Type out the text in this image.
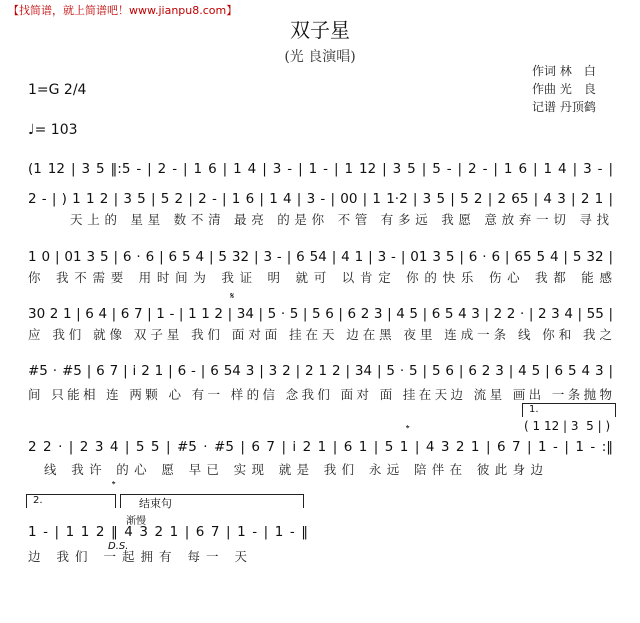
【找简谱，就上简谱吧！www.jianpu8.com】
双子星
(光 良演唱)
作词 林　白
作曲 光　良
记谱 丹顶鹤
1=G 2/4
♩= 103
(1 12 | 3 5 ‖:5 - | 2 - | 1 6 | 1 4 | 3 - | 1 - | 1 12 | 3 5 | 5 - | 2 - | 1 6 | 1 4 | 3 - |
2 - | ) 1 1 2 | 3 5 | 5 2 | 2 - | 1 6 | 1 4 | 3 - | 00 | 1 1·2 | 3 5 | 5 2 | 2 65 | 4 3 | 2 1 |
天上的 星星 数不清 最亮 的是你 不管 有多远 我愿 意放弃一切 寻找
1 0 | 01 3 5 | 6 · 6 | 6 5 4 | 5 32 | 3 - | 6 54 | 4 1 | 3 - | 01 3 5 | 6 · 6 | 65 5 4 | 5 32 |
你 我不需要 用时间为 我证 明 就可 以肯定 你的快乐 伤心 我都 能感
𝄋
30 2 1 | 6 4 | 6 7 | 1 - | 1 1 2 | 34 | 5 · 5 | 5 6 | 6 2 3 | 4 5 | 6 5 4 3 | 2 2 · | 2 3 4 | 55 |
应 我们 就像 双子星 我们 面对面 挂在天 边在黑 夜里 连成一条 线 你和 我之
#5 · #5 | 6 7 | i 2 1 | 6 - | 6 54 3 | 3 2 | 2 1 2 | 34 | 5 · 5 | 5 6 | 6 2 3 | 4 5 | 6 5 4 3 |
间 只能相 连 两颗 心 有一 样的信 念我们 面对 面 挂在天边 流星 画出 一条抛物
1.
( 1 12 | 3  5 | )
𝄌
2 2 · | 2 3 4 | 5 5 | #5 · #5 | 6 7 | i 2 1 | 6 1 | 5 1 | 4 3 2 1 | 6 7 | 1 - | 1 - :‖
线 我许 的心 愿 早已 实现 就是 我们 永远 陪伴在 彼此身边
𝄌
2.	结束句
渐慢
1 - | 1 1 2 ‖ 4 3 2 1 | 6 7 | 1 - | 1 - ‖
D.S.
边 我们 一起拥有 每一 天
